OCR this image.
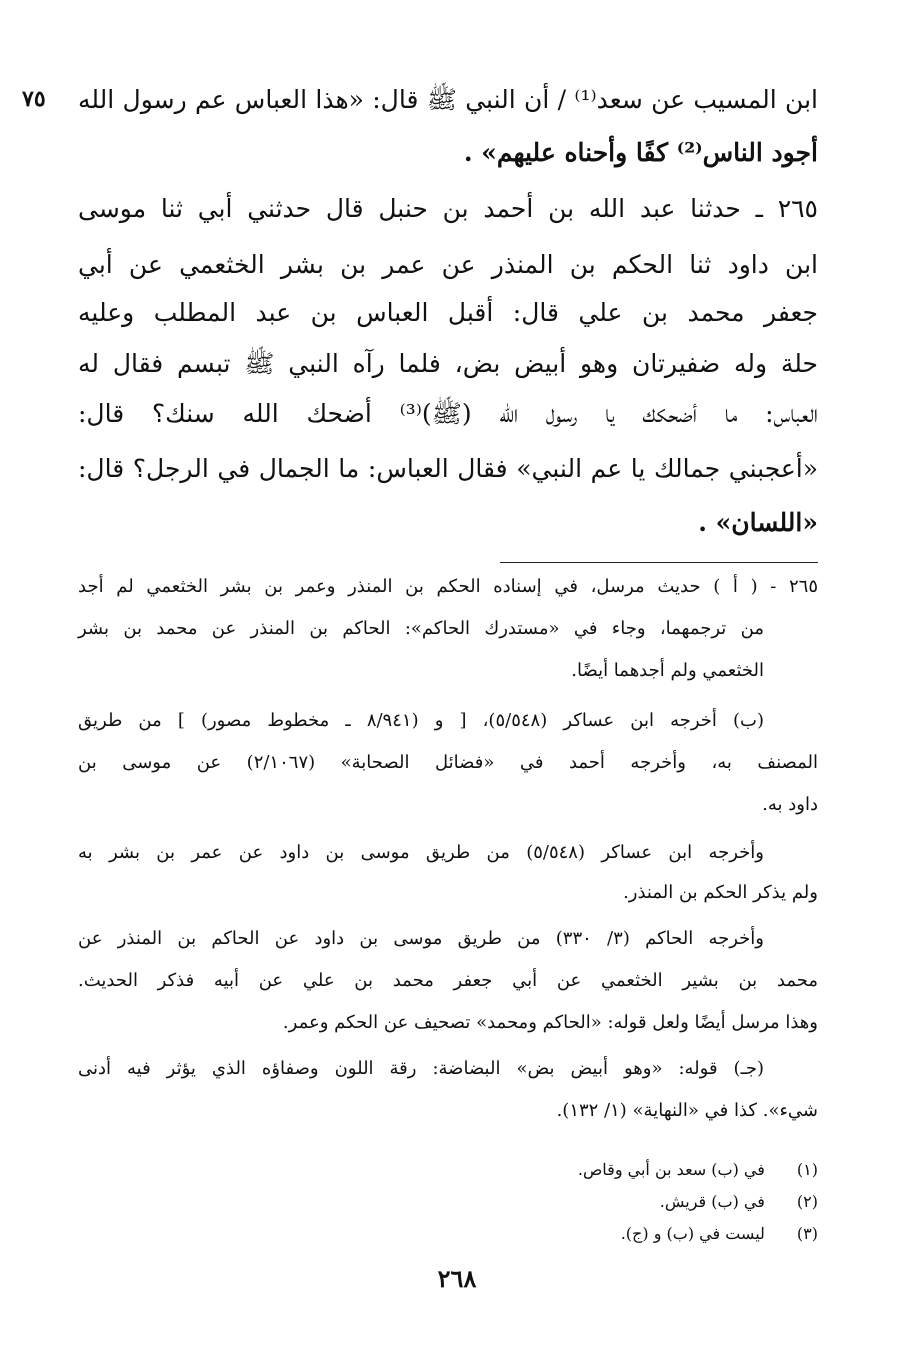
٧٥ ابن المسيب عن سعد⁽¹⁾ / أن النبي ﷺ قال: «هذا العباس عم رسول الله
أجود الناس⁽²⁾ كفًا وأحناه عليهم» .
٢٦٥ ـ حدثنا عبد الله بن أحمد بن حنبل قال حدثني أبي ثنا موسى
ابن داود ثنا الحكم بن المنذر عن عمر بن بشر الخثعمي عن أبي
جعفر محمد بن علي قال: أقبل العباس بن عبد المطلب وعليه
حلة وله ضفيرتان وهو أبيض بض، فلما رآه النبي ﷺ تبسم فقال له
العباس: ما أضحكك يا رسول الله (ﷺ)⁽³⁾ أضحك الله سنك؟ قال:
«أعجبني جمالك يا عم النبي» فقال العباس: ما الجمال في الرجل؟ قال:
«اللسان» .
٢٦٥ - ( أ ) حديث مرسل، في إسناده الحكم بن المنذر وعمر بن بشر الخثعمي لم أجد
من ترجمهما، وجاء في «مستدرك الحاكم»: الحاكم بن المنذر عن محمد بن بشر
الخثعمي ولم أجدهما أيضًا.
(ب) أخرجه ابن عساكر (٥/٥٤٨)، [ و (٨/٩٤١ ـ مخطوط مصور) ] من طريق
المصنف به، وأخرجه أحمد في «فضائل الصحابة» (٢/١٠٦٧) عن موسى بن
داود به.
وأخرجه ابن عساكر (٥/٥٤٨) من طريق موسى بن داود عن عمر بن بشر به
ولم يذكر الحكم بن المنذر.
وأخرجه الحاكم (٣/ ٣٣٠) من طريق موسى بن داود عن الحاكم بن المنذر عن
محمد بن بشير الخثعمي عن أبي جعفر محمد بن علي عن أبيه فذكر الحديث.
وهذا مرسل أيضًا ولعل قوله: «الحاكم ومحمد» تصحيف عن الحكم وعمر.
(جـ) قوله: «وهو أبيض بض» البضاضة: رقة اللون وصفاؤه الذي يؤثر فيه أدنى
شيء». كذا في «النهاية» (١/ ١٣٢).
(١) في (ب) سعد بن أبي وقاص.
(٢) في (ب) قريش.
(٣) ليست في (ب) و (ج).
٢٦٨
